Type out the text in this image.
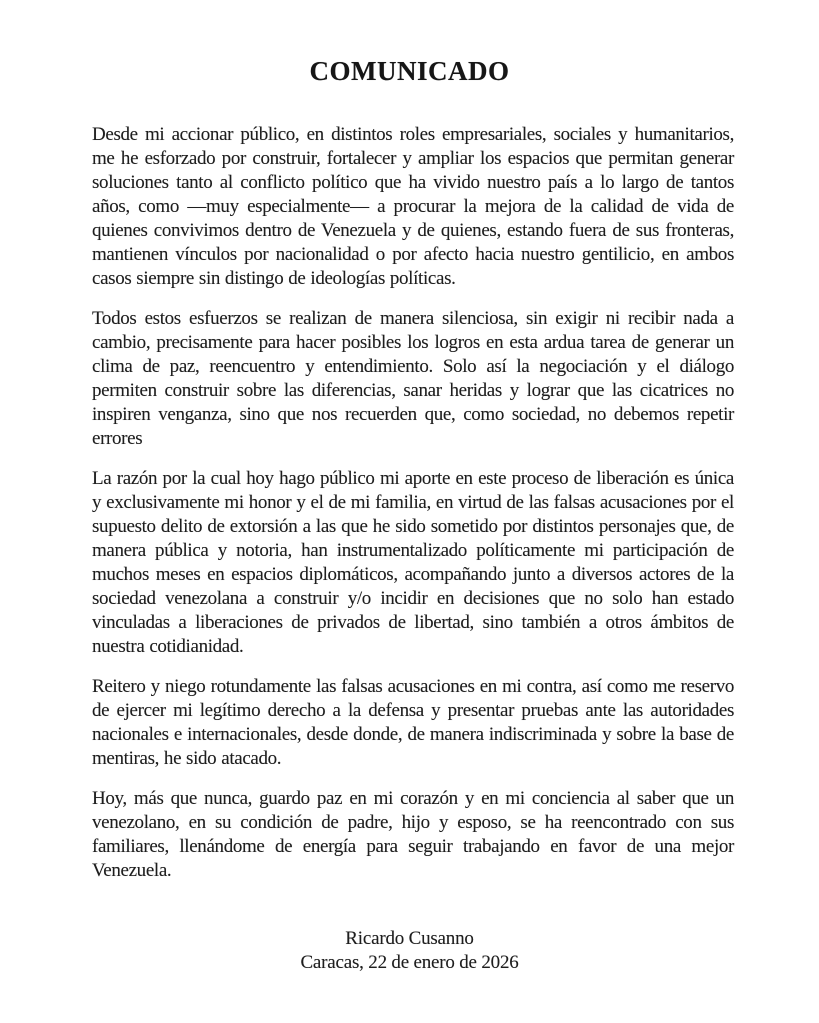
COMUNICADO

Desde mi accionar público, en distintos roles empresariales, sociales y humanitarios, me he esforzado por construir, fortalecer y ampliar los espacios que permitan generar soluciones tanto al conflicto político que ha vivido nuestro país a lo largo de tantos años, como —muy especialmente— a procurar la mejora de la calidad de vida de quienes convivimos dentro de Venezuela y de quienes, estando fuera de sus fronteras, mantienen vínculos por nacionalidad o por afecto hacia nuestro gentilicio, en ambos casos siempre sin distingo de ideologías políticas.

Todos estos esfuerzos se realizan de manera silenciosa, sin exigir ni recibir nada a cambio, precisamente para hacer posibles los logros en esta ardua tarea de generar un clima de paz, reencuentro y entendimiento. Solo así la negociación y el diálogo permiten construir sobre las diferencias, sanar heridas y lograr que las cicatrices no inspiren venganza, sino que nos recuerden que, como sociedad, no debemos repetir errores

La razón por la cual hoy hago público mi aporte en este proceso de liberación es única y exclusivamente mi honor y el de mi familia, en virtud de las falsas acusaciones por el supuesto delito de extorsión a las que he sido sometido por distintos personajes que, de manera pública y notoria, han instrumentalizado políticamente mi participación de muchos meses en espacios diplomáticos, acompañando junto a diversos actores de la sociedad venezolana a construir y/o incidir en decisiones que no solo han estado vinculadas a liberaciones de privados de libertad, sino también a otros ámbitos de nuestra cotidianidad.

Reitero y niego rotundamente las falsas acusaciones en mi contra, así como me reservo de ejercer mi legítimo derecho a la defensa y presentar pruebas ante las autoridades nacionales e internacionales, desde donde, de manera indiscriminada y sobre la base de mentiras, he sido atacado.

Hoy, más que nunca, guardo paz en mi corazón y en mi conciencia al saber que un venezolano, en su condición de padre, hijo y esposo, se ha reencontrado con sus familiares, llenándome de energía para seguir trabajando en favor de una mejor Venezuela.

Ricardo Cusanno
Caracas, 22 de enero de 2026
